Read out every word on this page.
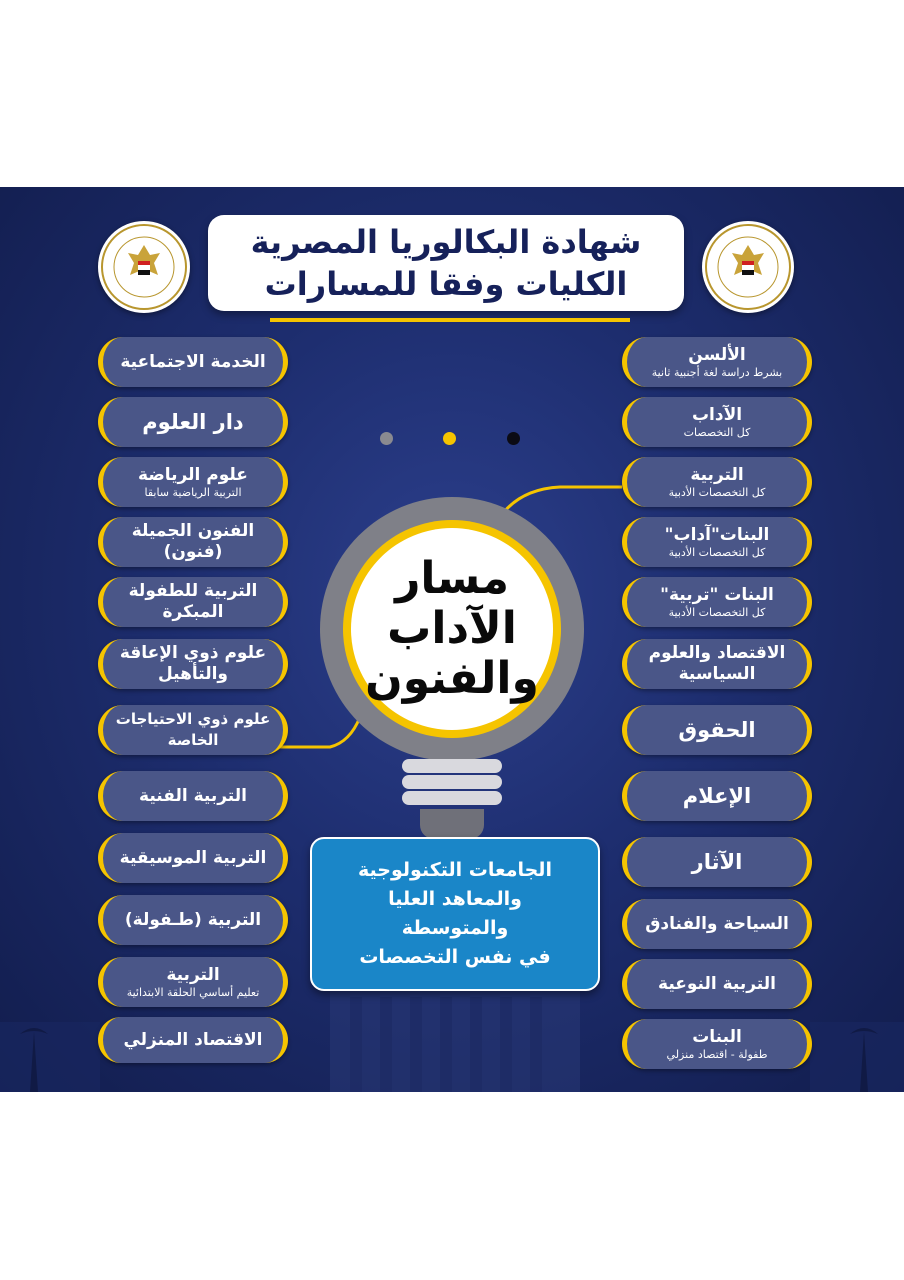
شهادة البكالوريا المصرية
الكليات وفقا للمسارات
مسار
الآداب
والفنون
الجامعات التكنولوجية
والمعاهد العليا
والمتوسطة
في نفس التخصصات
الألسن
بشرط دراسة لغة أجنبية ثانية
الآداب
كل التخصصات
التربية
كل التخصصات الأدبية
البنات"آداب"
كل التخصصات الأدبية
البنات "تربية"
كل التخصصات الأدبية
الاقتصاد والعلوم السياسية
الحقوق
الإعلام
الآثار
السياحة والفنادق
التربية النوعية
البنات
طفولة - اقتصاد منزلي
الخدمة الاجتماعية
دار العلوم
علوم الرياضة
التربية الرياضية سابقا
الفنون الجميلة (فنون)
التربية للطفولة المبكرة
علوم ذوي الإعاقة والتأهيل
علوم ذوي الاحتياجات الخاصة
التربية الفنية
التربية الموسيقية
التربية (طـفولة)
التربية
تعليم أساسي الحلقة الابتدائية
الاقتصاد المنزلي
